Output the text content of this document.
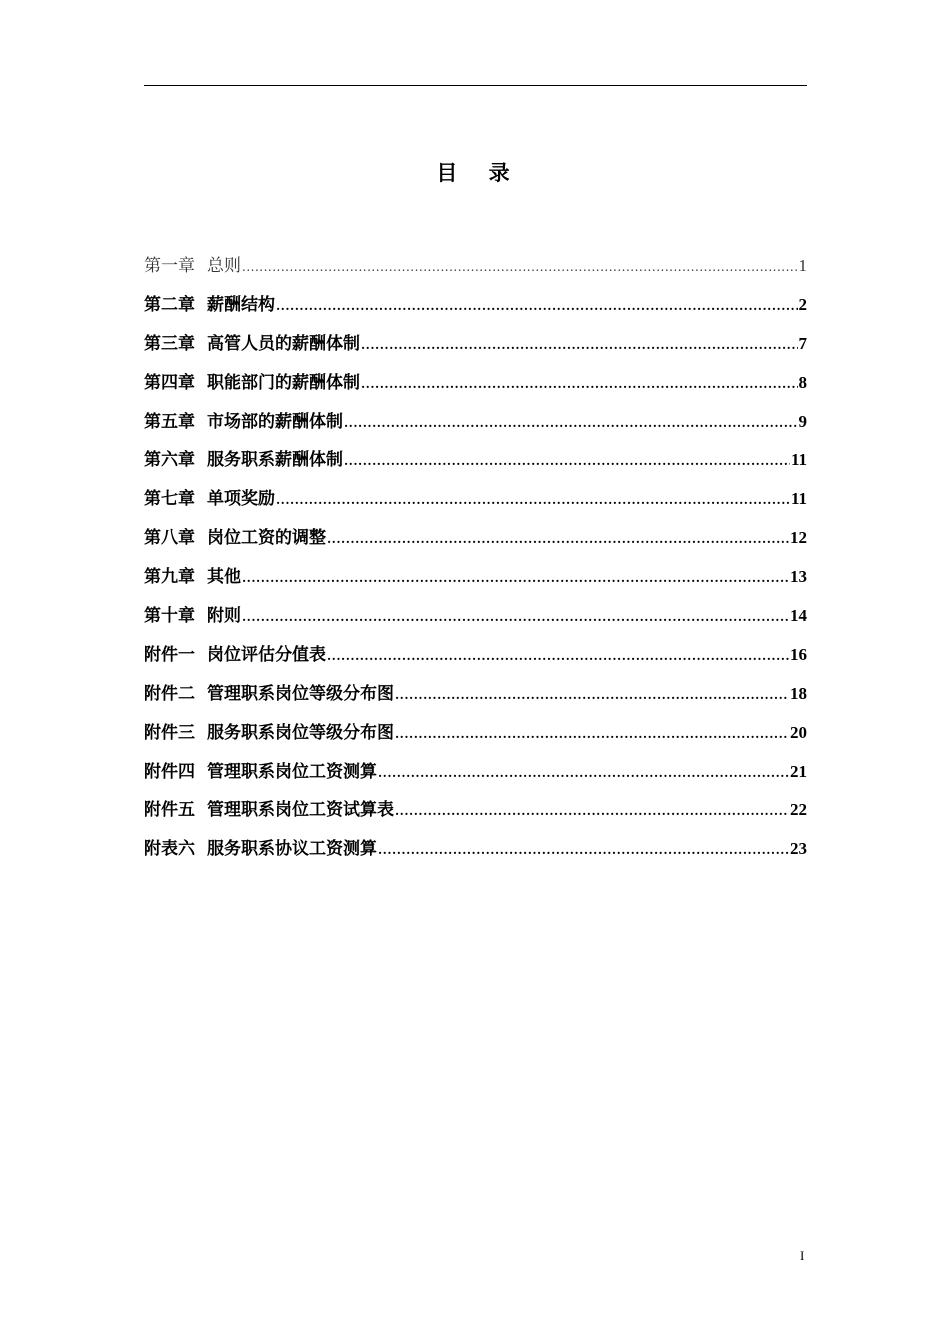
目 录
第一章 总则 .....	1
第二章 薪酬结构 .....	2
第三章 高管人员的薪酬体制 .....	7
第四章 职能部门的薪酬体制 .....	8
第五章 市场部的薪酬体制 .....	9
第六章 服务职系薪酬体制 .....	11
第七章 单项奖励 .....	11
第八章 岗位工资的调整 .....	12
第九章 其他 .....	13
第十章 附则 .....	14
附件一 岗位评估分值表 .....	16
附件二 管理职系岗位等级分布图 .....	18
附件三 服务职系岗位等级分布图 .....	20
附件四 管理职系岗位工资测算 .....	21
附件五 管理职系岗位工资试算表 .....	22
附表六 服务职系协议工资测算 .....	23
I
